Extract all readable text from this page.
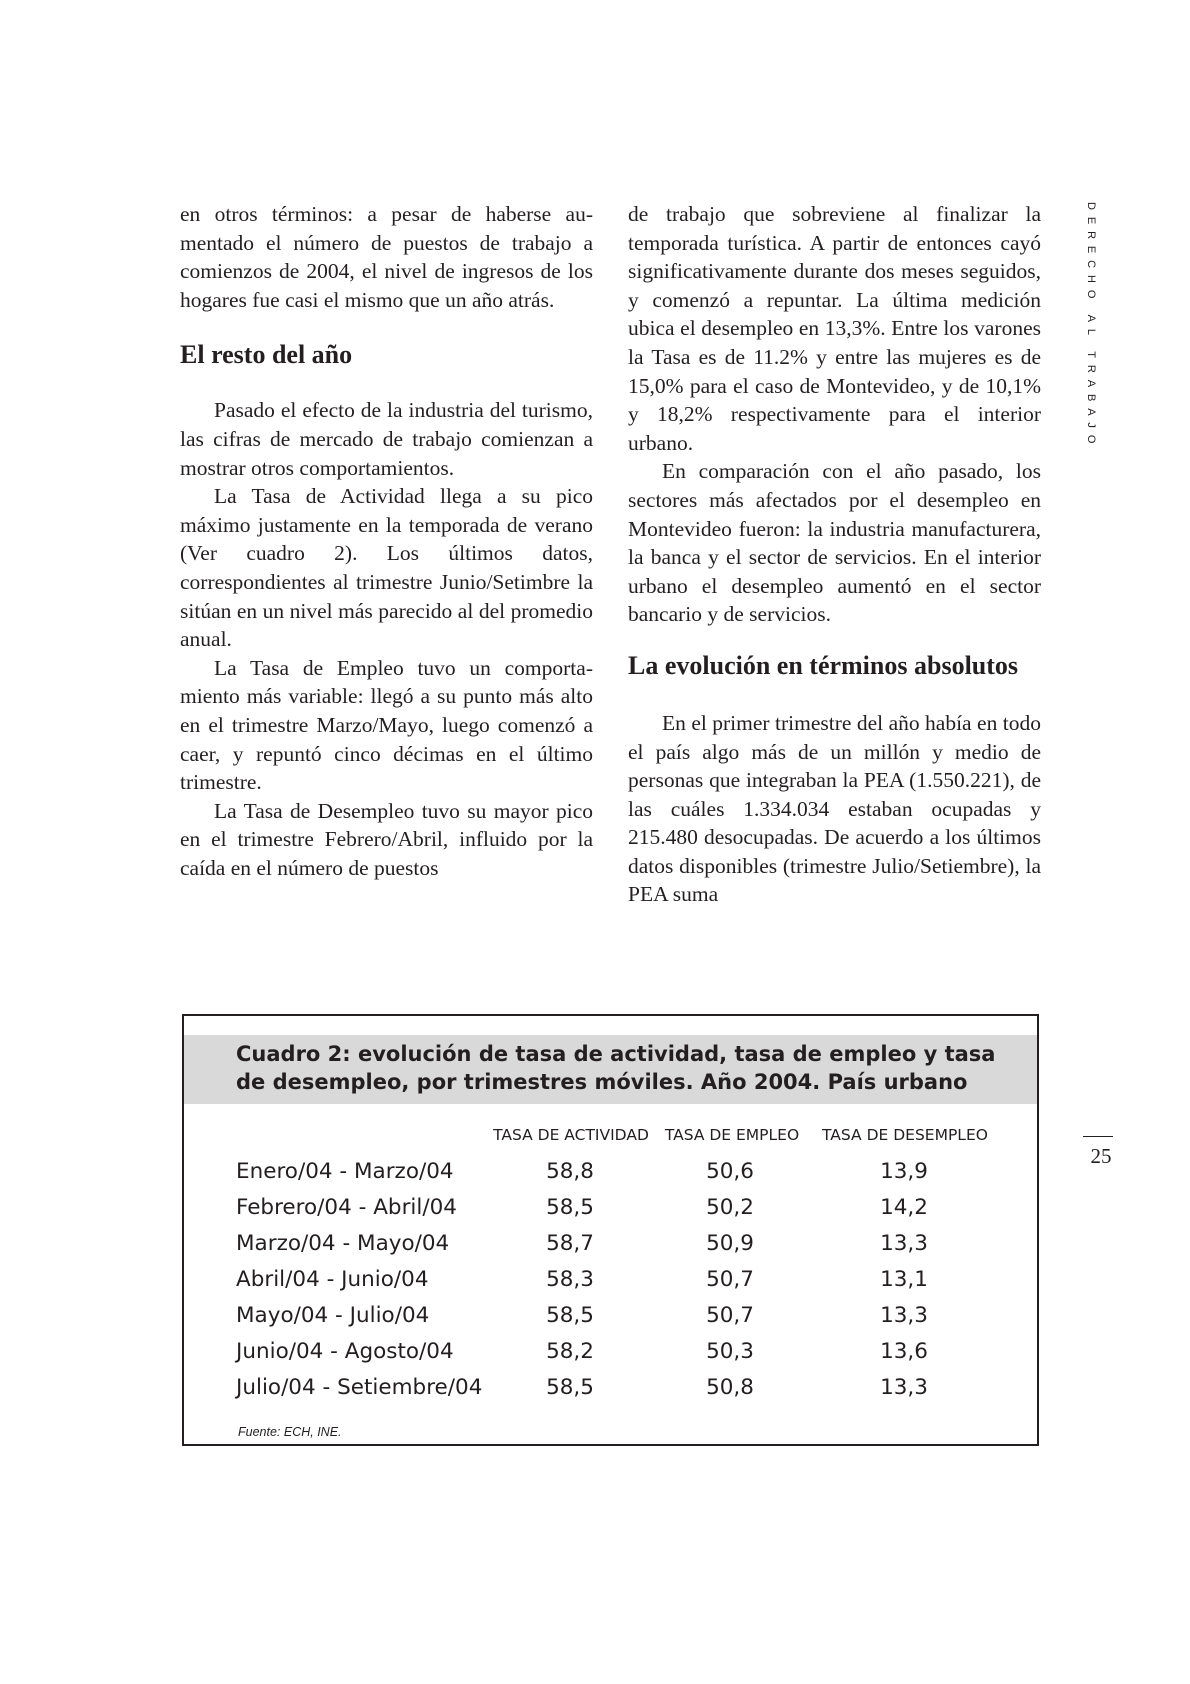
en otros términos: a pesar de haberse aumentado el número de puestos de trabajo a comienzos de 2004, el nivel de ingresos de los hogares fue casi el mismo que un año atrás.

El resto del año

Pasado el efecto de la industria del turismo, las cifras de mercado de trabajo comienzan a mostrar otros comportamientos.

La Tasa de Actividad llega a su pico máximo justamente en la temporada de verano (Ver cuadro 2). Los últimos datos, correspondientes al trimestre Junio/Setimbre la sitúan en un nivel más parecido al del promedio anual.

La Tasa de Empleo tuvo un comportamiento más variable: llegó a su punto más alto en el trimestre Marzo/Mayo, luego comenzó a caer, y repuntó cinco décimas en el último trimestre.

La Tasa de Desempleo tuvo su mayor pico en el trimestre Febrero/Abril, influido por la caída en el número de puestos

de trabajo que sobreviene al finalizar la temporada turística. A partir de entonces cayó significativamente durante dos meses seguidos, y comenzó a repuntar. La última medición ubica el desempleo en 13,3%. Entre los varones la Tasa es de 11.2% y entre las mujeres es de 15,0% para el caso de Montevideo, y de 10,1% y 18,2% respectivamente para el interior urbano.

En comparación con el año pasado, los sectores más afectados por el desempleo en Montevideo fueron: la industria manufacturera, la banca y el sector de servicios. En el interior urbano el desempleo aumentó en el sector bancario y de servicios.

La evolución en términos absolutos

En el primer trimestre del año había en todo el país algo más de un millón y medio de personas que integraban la PEA (1.550.221), de las cuáles 1.334.034 estaban ocupadas y 215.480 desocupadas. De acuerdo a los últimos datos disponibles (trimestre Julio/Setiembre), la PEA suma

DERECHO AL TRABAJO
25
Cuadro 2: evolución de tasa de actividad, tasa de empleo y tasa de desempleo, por trimestres móviles. Año 2004. País urbano
TASA DE ACTIVIDAD	TASA DE EMPLEO	TASA DE DESEMPLEO
Enero/04 - Marzo/04	58,8	50,6	13,9
Febrero/04 - Abril/04	58,5	50,2	14,2
Marzo/04 - Mayo/04	58,7	50,9	13,3
Abril/04 - Junio/04	58,3	50,7	13,1
Mayo/04 - Julio/04	58,5	50,7	13,3
Junio/04 - Agosto/04	58,2	50,3	13,6
Julio/04 - Setiembre/04	58,5	50,8	13,3
Fuente: ECH, INE.
